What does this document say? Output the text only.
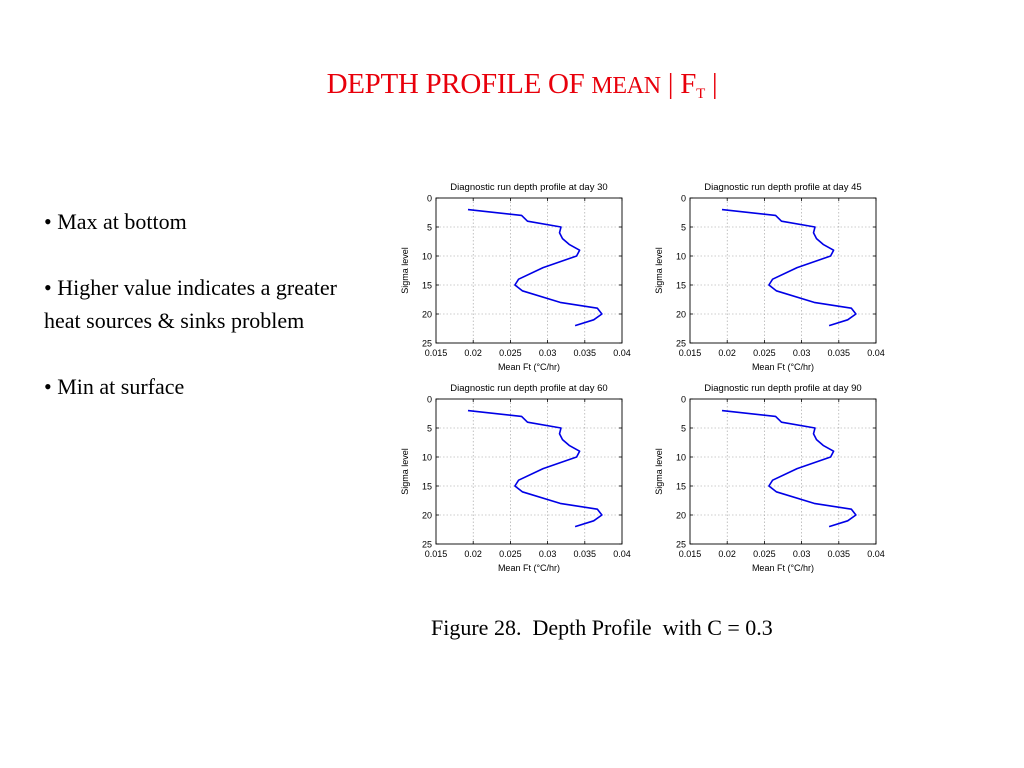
DEPTH PROFILE OF MEAN | $F_T$ |

• Max at bottom

• Higher value indicates a greater heat sources & sinks problem

• Min at surface

0.015 0.02 0.025 0.03 0.035 0.04
0
5
10
15
20
25
Diagnostic run depth profile at day 30
Mean Ft (°C/hr)
Sigma level
0.015 0.02 0.025 0.03 0.035 0.04
0
5
10
15
20
25
Diagnostic run depth profile at day 45
Mean Ft (°C/hr)
Sigma level
0.015 0.02 0.025 0.03 0.035 0.04
0
5
10
15
20
25
Diagnostic run depth profile at day 60
Mean Ft (°C/hr)
Sigma level
0.015 0.02 0.025 0.03 0.035 0.04
0
5
10
15
20
25
Diagnostic run depth profile at day 90
Mean Ft (°C/hr)
Sigma level
Figure 28.  Depth Profile  with C = 0.3
